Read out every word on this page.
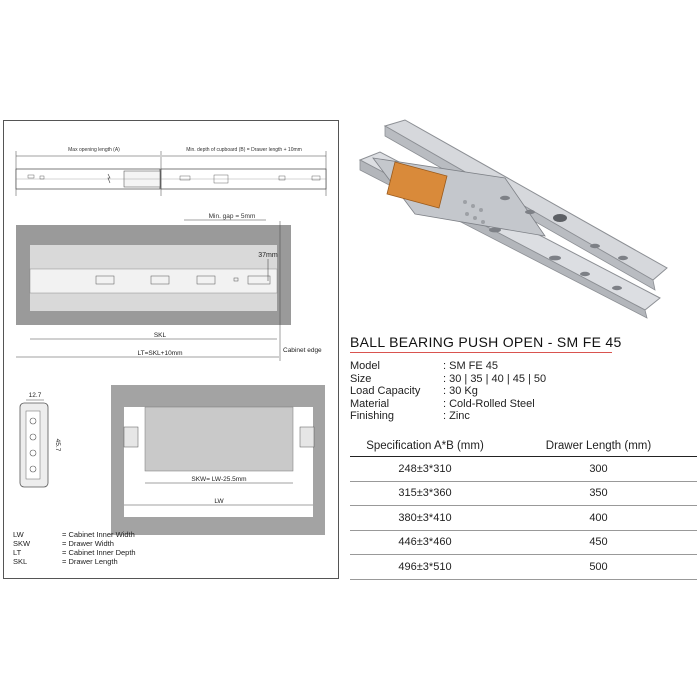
Max opening length (A)	Min. depth of cupboard (B) = Drawer length + 10mm
Min. gap = 5mm
37mm
SKL
LT=SKL+10mm	Cabinet edge
12.7
45.7
SKW= LW-25.5mm
LW
LW	= Cabinet Inner Width
SKW	= Drawer Width
LT	= Cabinet Inner Depth
SKL	= Drawer Length
BALL BEARING PUSH OPEN - SM FE 45
Model	: SM FE 45
Size	: 30 | 35 | 40 | 45 | 50
Load Capacity	: 30 Kg
Material	: Cold-Rolled Steel
Finishing	: Zinc
Specification A*B (mm)	Drawer Length (mm)
248±3*310	300
315±3*360	350
380±3*410	400
446±3*460	450
496±3*510	500
